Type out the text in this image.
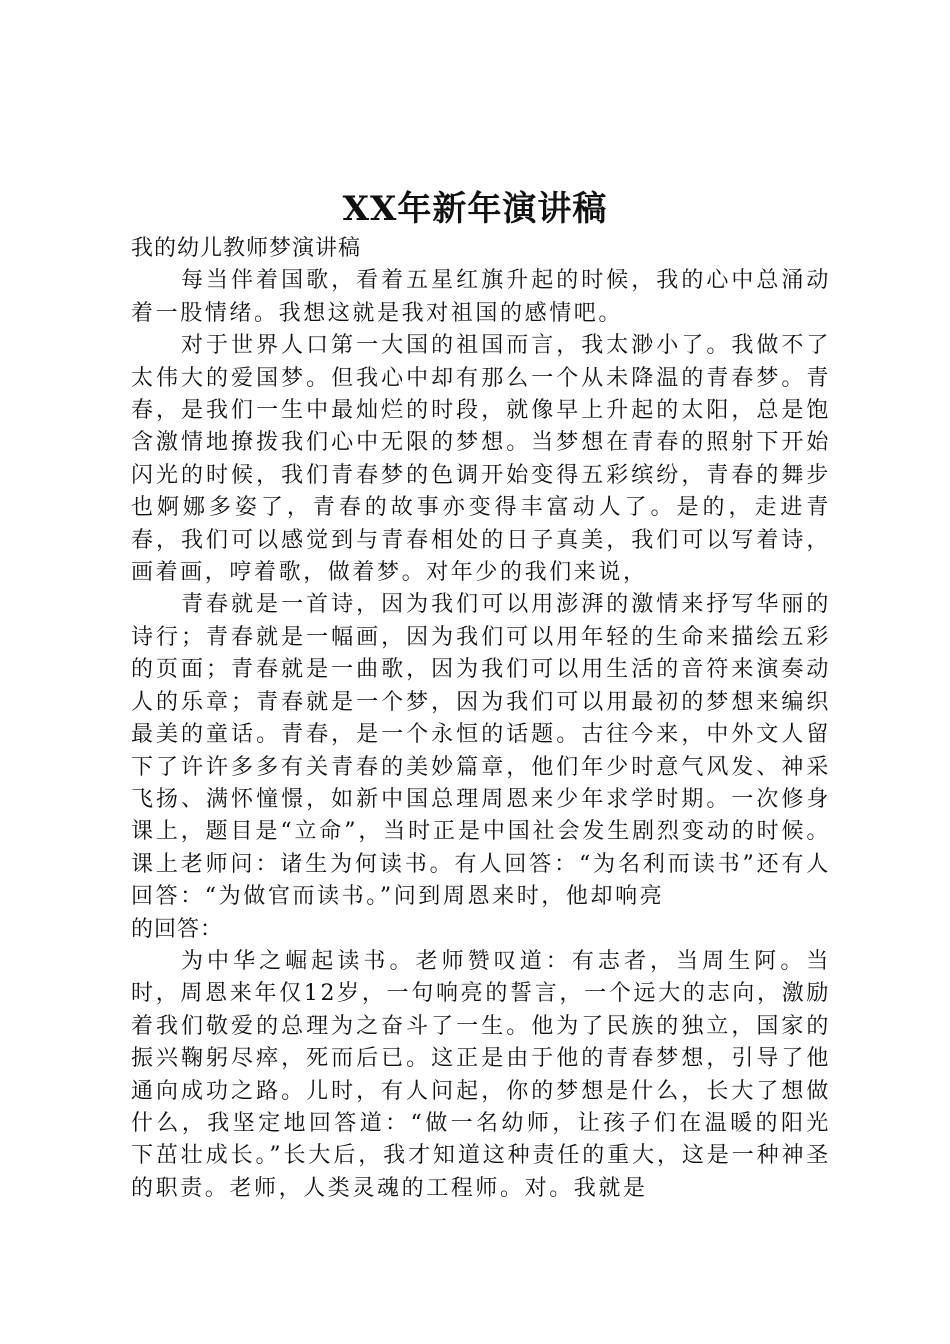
XX年新年演讲稿

我的幼儿教师梦演讲稿

每当伴着国歌，看着五星红旗升起的时候，我的心中总涌动着一股情绪。我想这就是我对祖国的感情吧。

对于世界人口第一大国的祖国而言，我太渺小了。我做不了太伟大的爱国梦。但我心中却有那么一个从未降温的青春梦。青春，是我们一生中最灿烂的时段，就像早上升起的太阳，总是饱含激情地撩拨我们心中无限的梦想。当梦想在青春的照射下开始闪光的时候，我们青春梦的色调开始变得五彩缤纷，青春的舞步也婀娜多姿了，青春的故事亦变得丰富动人了。是的，走进青春，我们可以感觉到与青春相处的日子真美，我们可以写着诗，画着画，哼着歌，做着梦。对年少的我们来说，

青春就是一首诗，因为我们可以用澎湃的激情来抒写华丽的诗行；青春就是一幅画，因为我们可以用年轻的生命来描绘五彩的页面；青春就是一曲歌，因为我们可以用生活的音符来演奏动人的乐章；青春就是一个梦，因为我们可以用最初的梦想来编织最美的童话。青春，是一个永恒的话题。古往今来，中外文人留下了许许多多有关青春的美妙篇章，他们年少时意气风发、神采飞扬、满怀憧憬，如新中国总理周恩来少年求学时期。一次修身课上，题目是“立命”，当时正是中国社会发生剧烈变动的时候。课上老师问：诸生为何读书。有人回答：“为名利而读书”还有人回答：“为做官而读书。”问到周恩来时，他却响亮

的回答：

为中华之崛起读书。老师赞叹道：有志者，当周生阿。当时，周恩来年仅12岁，一句响亮的誓言，一个远大的志向，激励着我们敬爱的总理为之奋斗了一生。他为了民族的独立，国家的振兴鞠躬尽瘁，死而后已。这正是由于他的青春梦想，引导了他通向成功之路。儿时，有人问起，你的梦想是什么，长大了想做什么，我坚定地回答道：“做一名幼师，让孩子们在温暖的阳光下茁壮成长。”长大后，我才知道这种责任的重大，这是一种神圣的职责。老师，人类灵魂的工程师。对。我就是
